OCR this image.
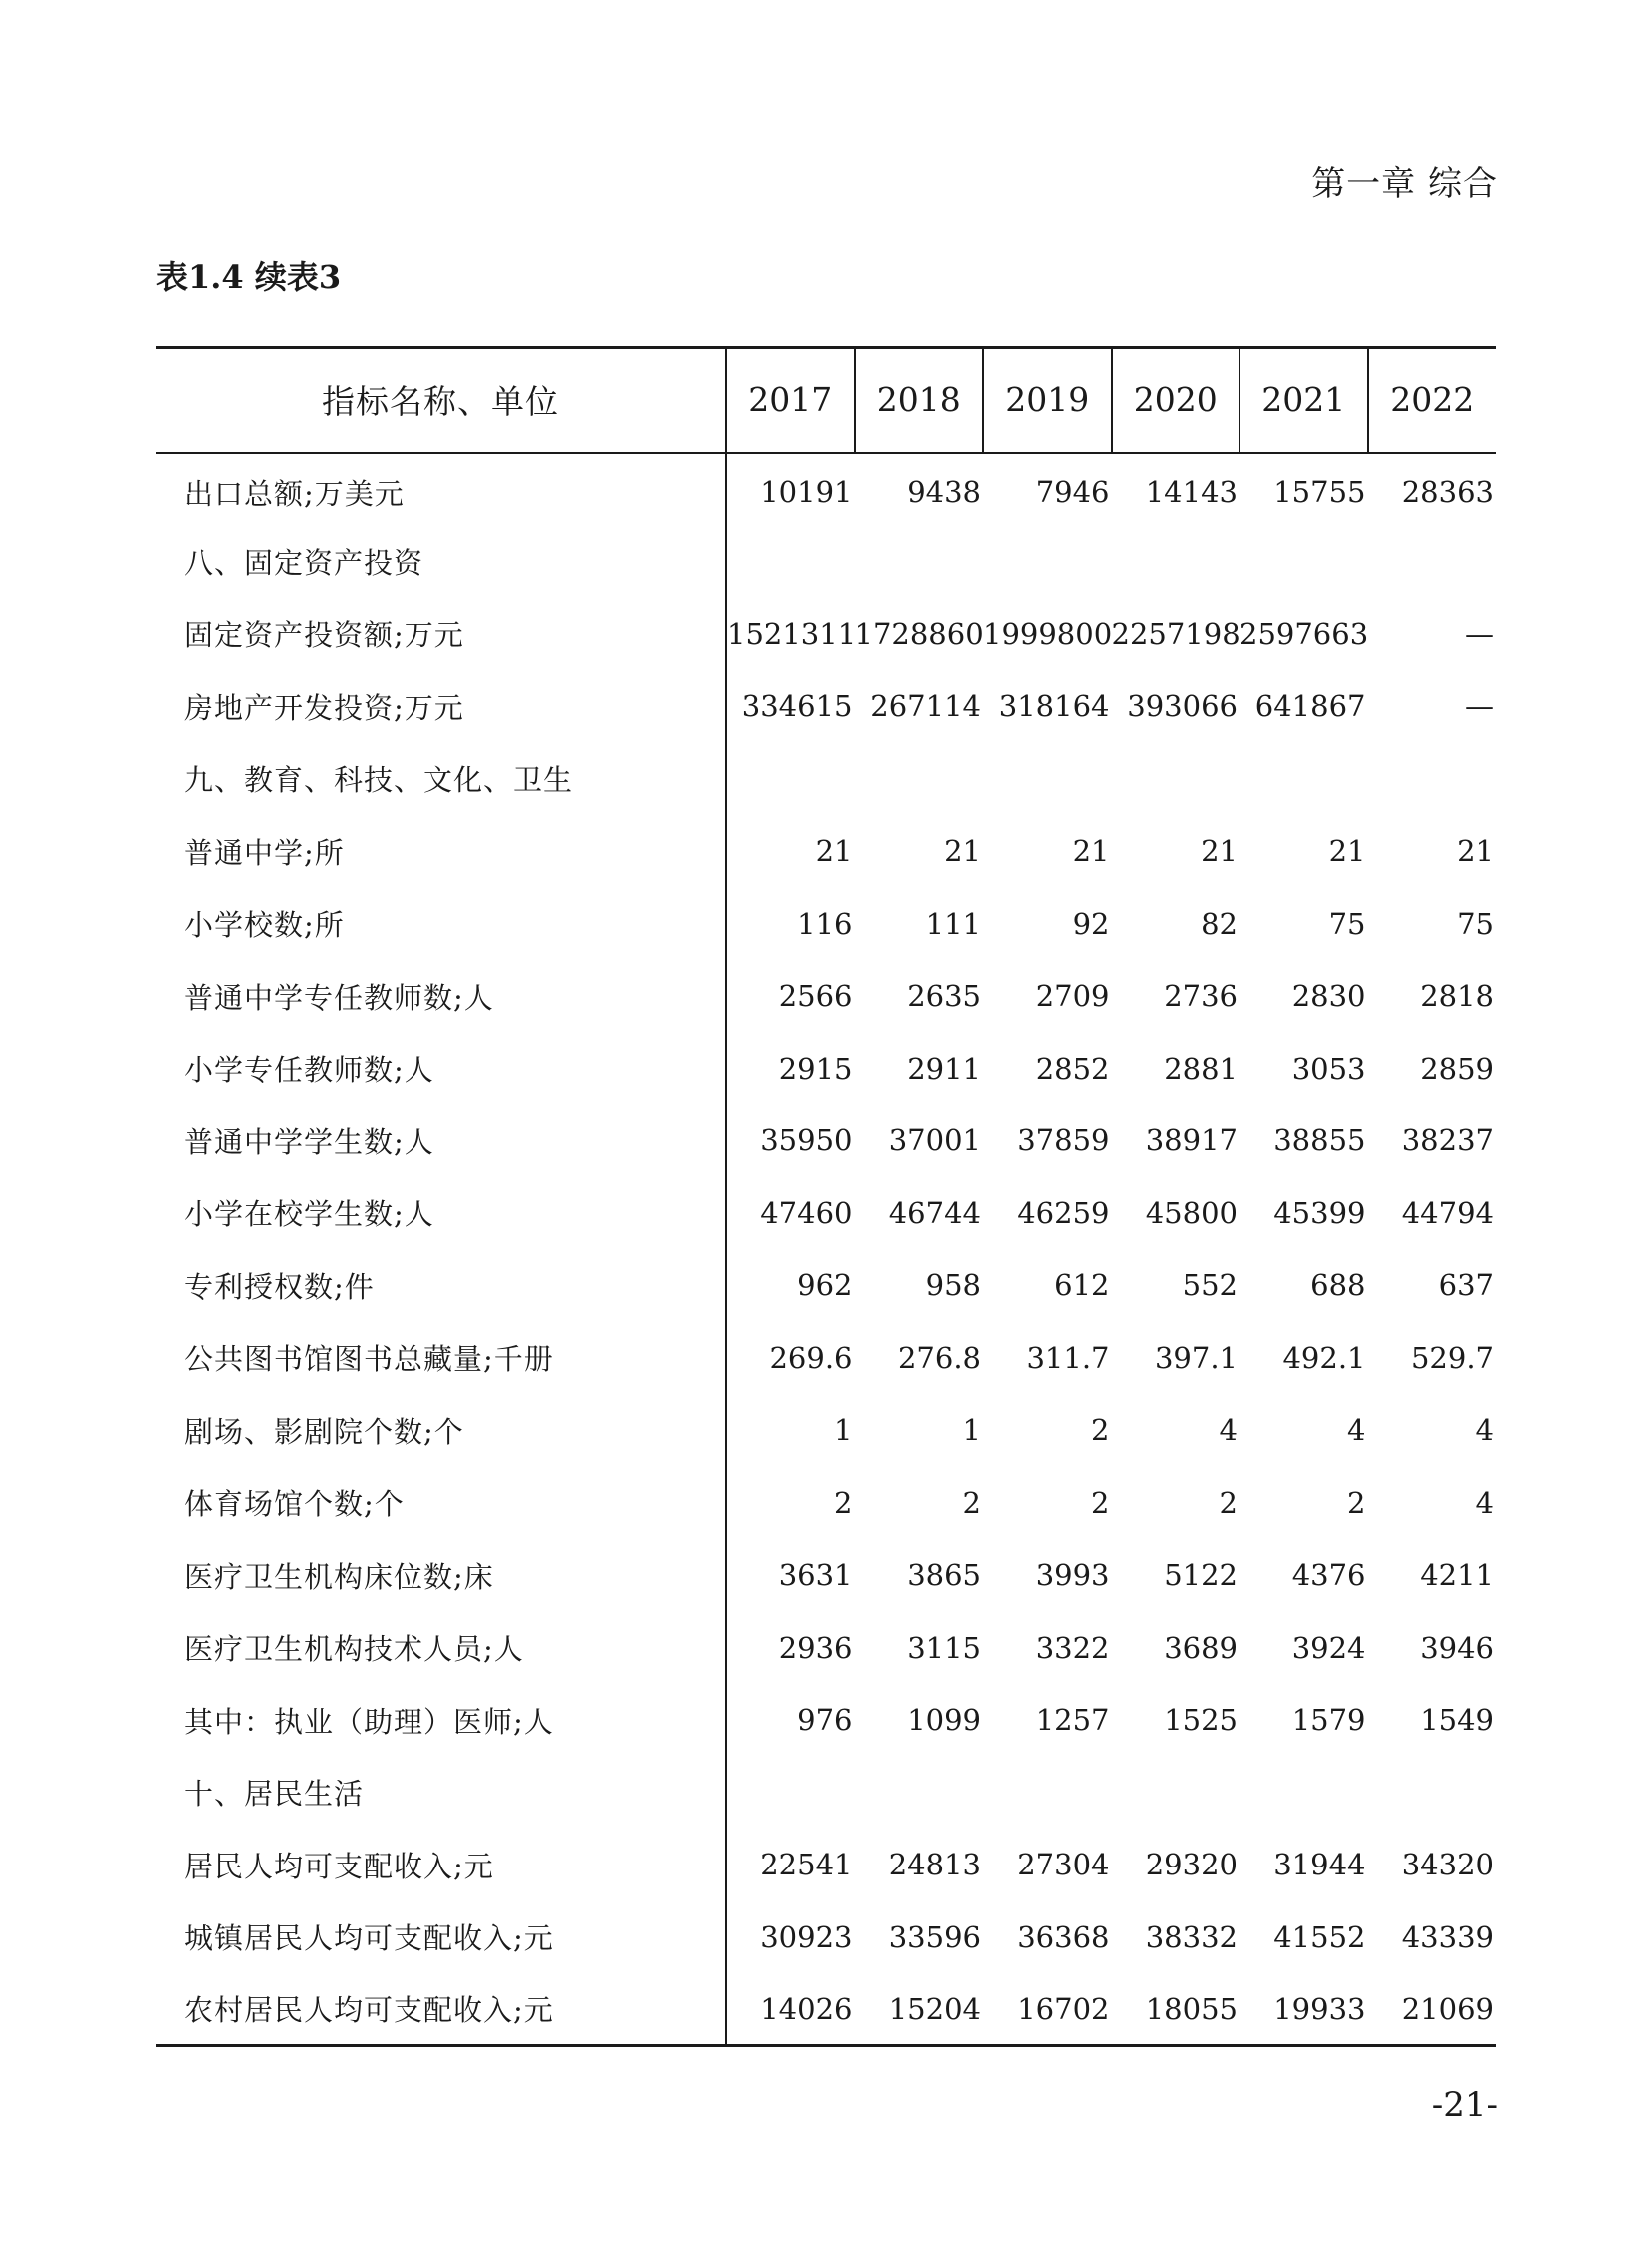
第一章 综合
表1.4 续表3
指标名称、单位	2017	2018	2019	2020	2021	2022
出口总额;万美元	10191	9438	7946	14143	15755	28363
八、固定资产投资						
固定资产投资额;万元	1521311	1728860	1999800	2257198	2597663	—
房地产开发投资;万元	334615	267114	318164	393066	641867	—
九、教育、科技、文化、卫生						
普通中学;所	21	21	21	21	21	21
小学校数;所	116	111	92	82	75	75
普通中学专任教师数;人	2566	2635	2709	2736	2830	2818
小学专任教师数;人	2915	2911	2852	2881	3053	2859
普通中学学生数;人	35950	37001	37859	38917	38855	38237
小学在校学生数;人	47460	46744	46259	45800	45399	44794
专利授权数;件	962	958	612	552	688	637
公共图书馆图书总藏量;千册	269.6	276.8	311.7	397.1	492.1	529.7
剧场、影剧院个数;个	1	1	2	4	4	4
体育场馆个数;个	2	2	2	2	2	4
医疗卫生机构床位数;床	3631	3865	3993	5122	4376	4211
医疗卫生机构技术人员;人	2936	3115	3322	3689	3924	3946
其中：执业（助理）医师;人	976	1099	1257	1525	1579	1549
十、居民生活						
居民人均可支配收入;元	22541	24813	27304	29320	31944	34320
城镇居民人均可支配收入;元	30923	33596	36368	38332	41552	43339
农村居民人均可支配收入;元	14026	15204	16702	18055	19933	21069
-21-
